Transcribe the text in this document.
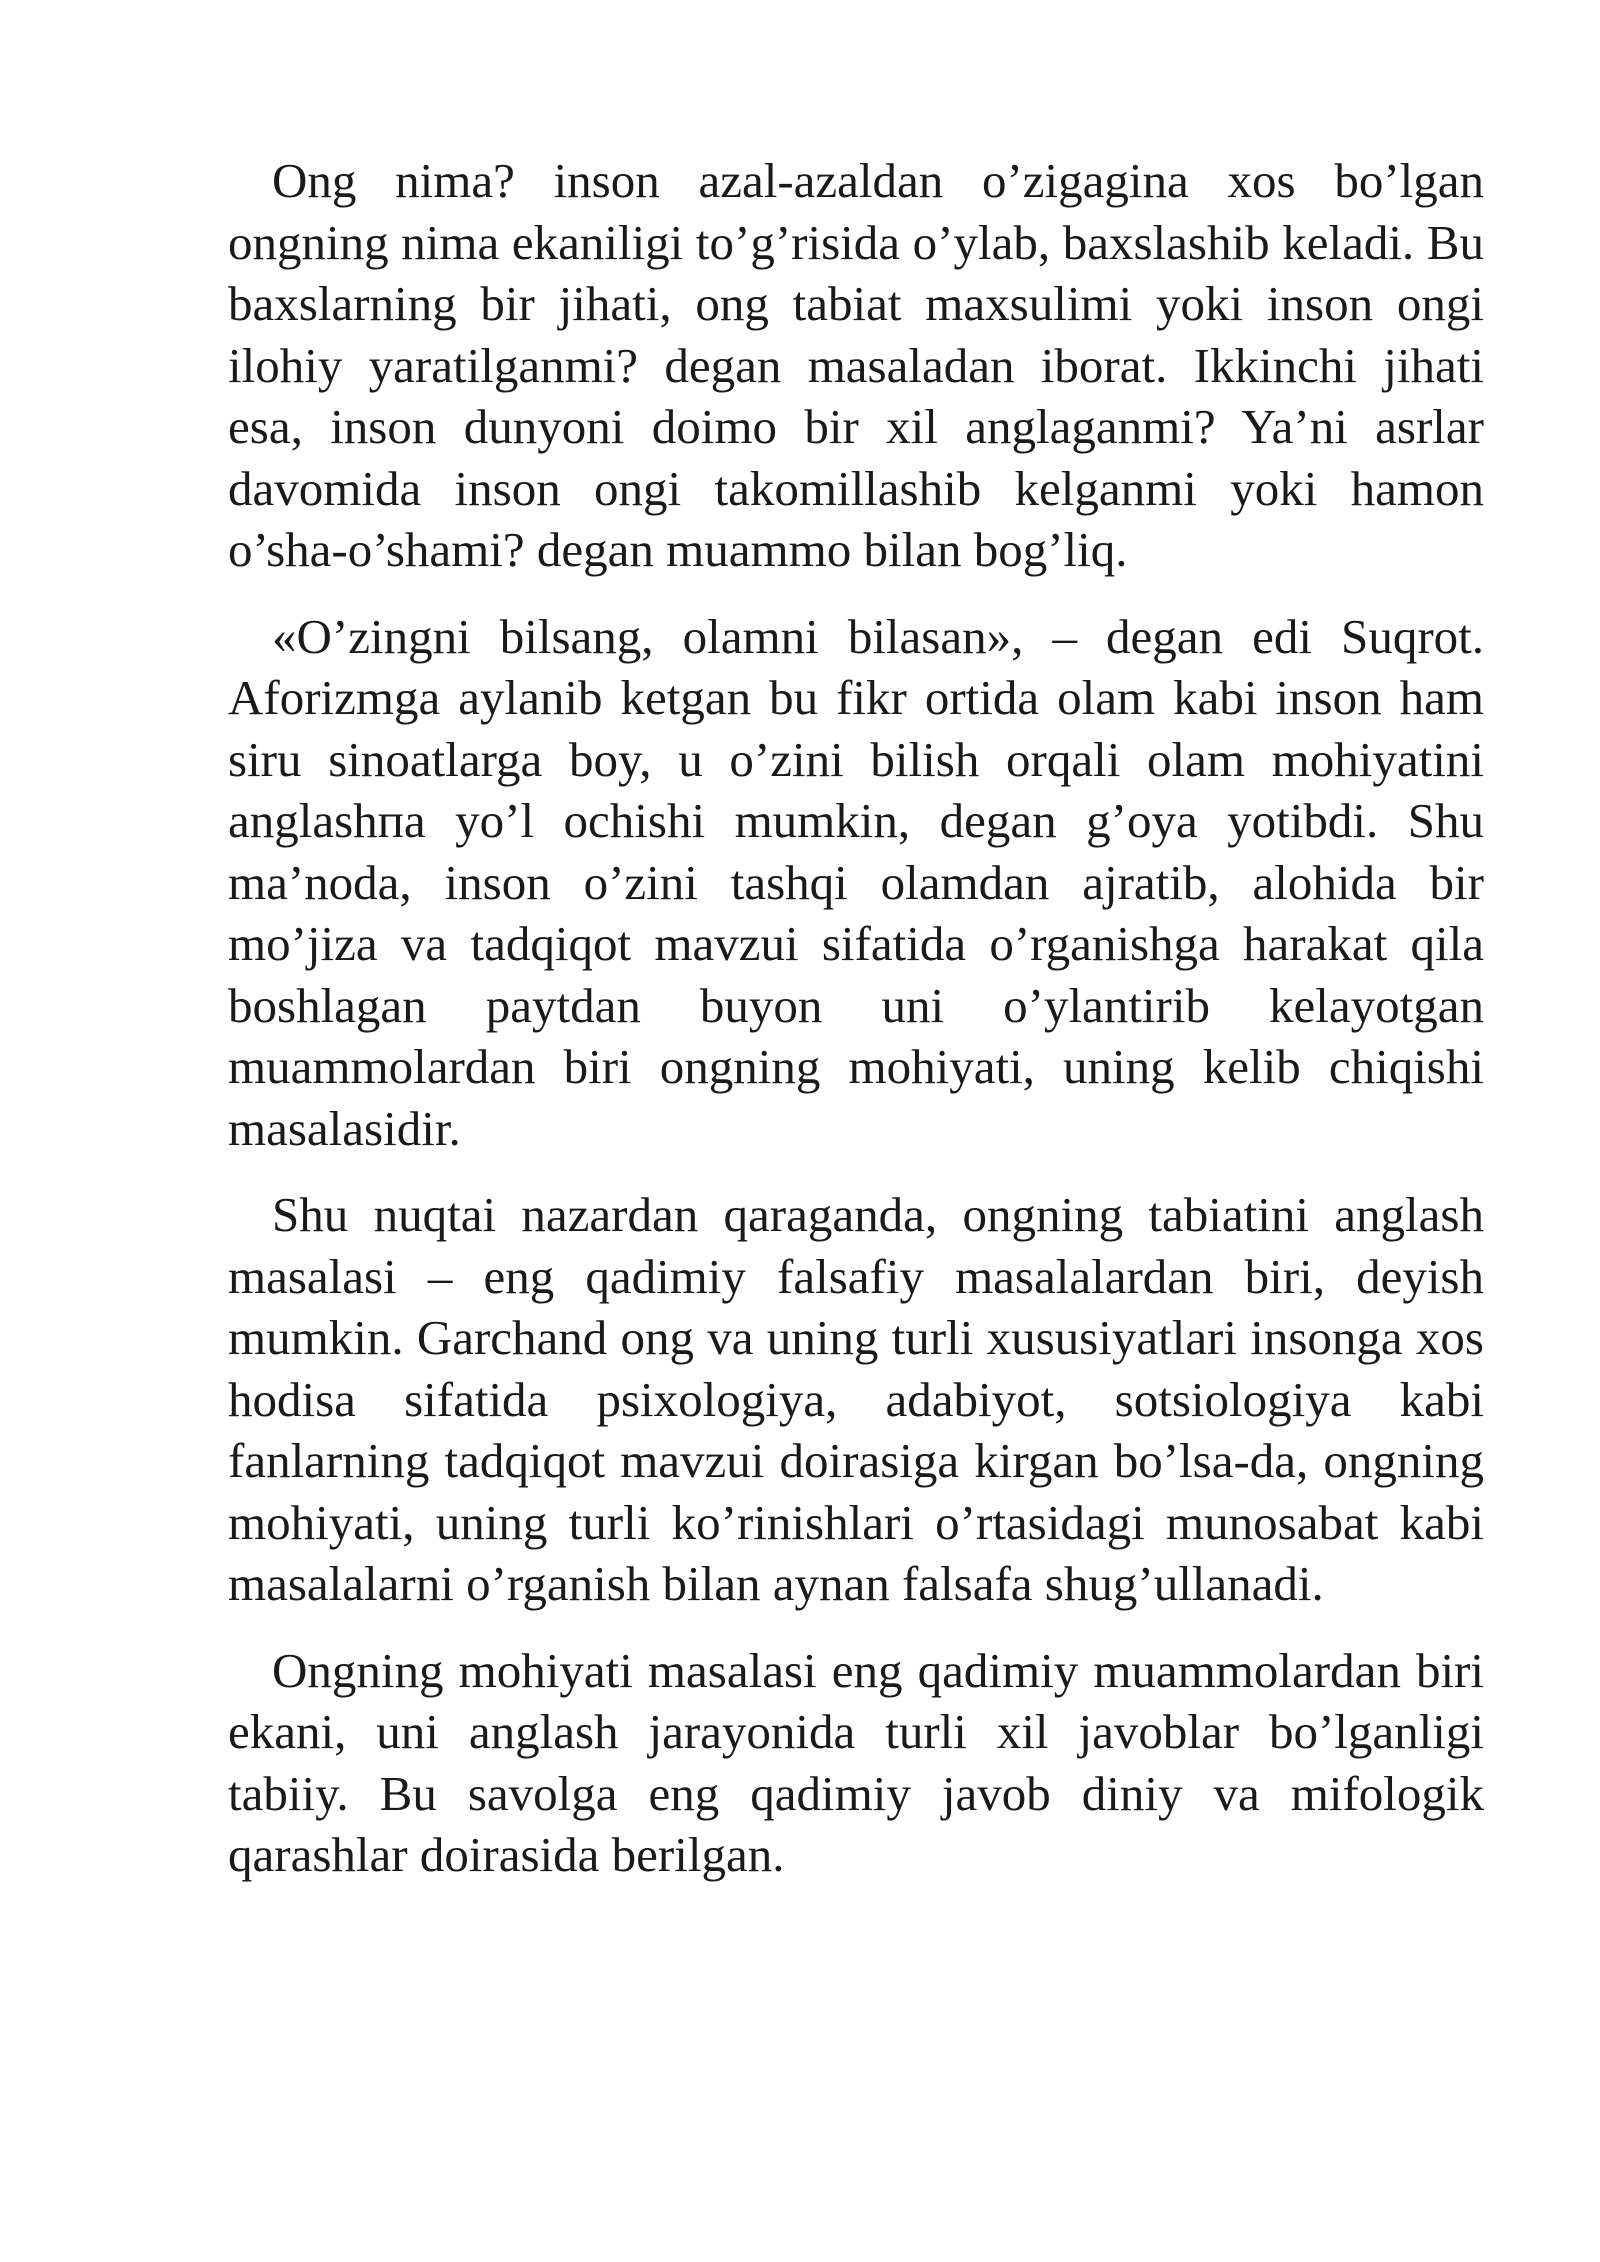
Ong nima? inson azal-azaldan o’zigagina xos bo’lgan ongning nima ekaniligi to’g’risida o’ylab, baxslashib keladi. Bu baxslarning bir jihati, ong tabiat maxsulimi yoki inson ongi ilohiy yaratilganmi? degan masaladan iborat. Ikkinchi jihati esa, inson dunyoni doimo bir xil anglaganmi? Ya’ni asrlar davomida inson ongi takomillashib kelganmi yoki hamon o’sha-o’shami? degan muammo bilan bog’liq.

«O’zingni bilsang, olamni bilasan», – degan edi Suqrot. Aforizmga aylanib ketgan bu fikr ortida olam kabi inson ham siru sinoatlarga boy, u o’zini bilish orqali olam mohiyatini anglashпa yo’l ochishi mumkin, degan g’oya yotibdi. Shu ma’noda, inson o’zini tashqi olamdan ajratib, alohida bir mo’jiza va tadqiqot mavzui sifatida o’rganishga harakat qila boshlagan paytdan buyon uni o’ylantirib kelayotgan muammolardan biri ongning mohiyati, uning kelib chiqishi masalasidir.

Shu nuqtai nazardan qaraganda, ongning tabiatini anglash masalasi – eng qadimiy falsafiy masalalardan biri, deyish mumkin. Garchand ong va uning turli xususiyatlari insonga xos hodisa sifatida psixologiya, adabiyot, sotsiologiya kabi fanlarning tadqiqot mavzui doirasiga kirgan bo’lsa-da, ongning mohiyati, uning turli ko’rinishlari o’rtasidagi munosabat kabi masalalarni o’rganish bilan aynan falsafa shug’ullanadi.

Ongning mohiyati masalasi eng qadimiy muammolardan biri ekani, uni anglash jarayonida turli xil javoblar bo’lganligi tabiiy. Bu savolga eng qadimiy javob diniy va mifologik qarashlar doirasida berilgan.
